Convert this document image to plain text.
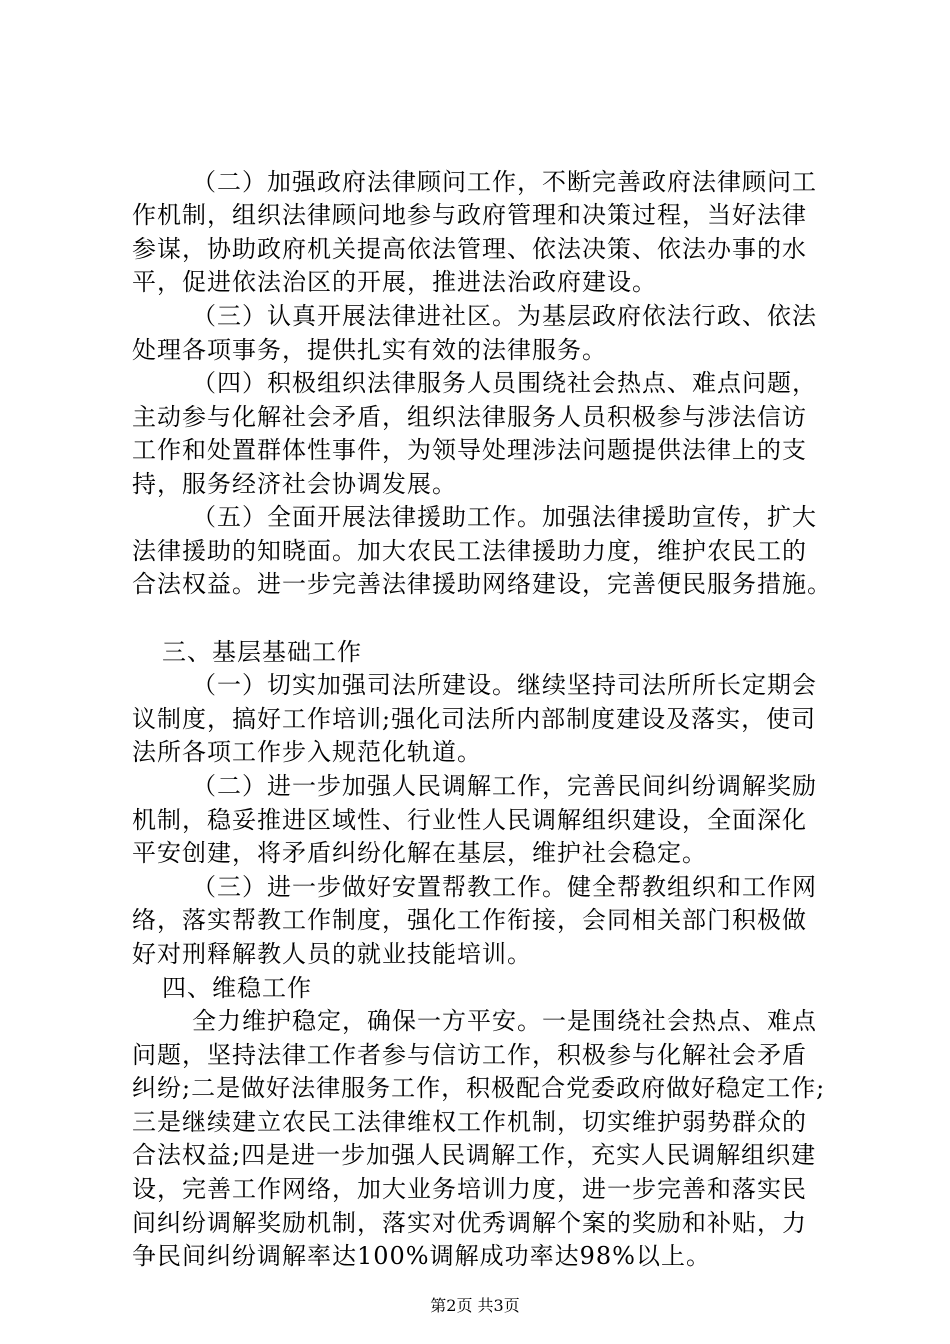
（二）加强政府法律顾问工作，不断完善政府法律顾问工
作机制，组织法律顾问地参与政府管理和决策过程，当好法律
参谋，协助政府机关提高依法管理、依法决策、依法办事的水
平，促进依法治区的开展，推进法治政府建设。
（三）认真开展法律进社区。为基层政府依法行政、依法
处理各项事务，提供扎实有效的法律服务。
（四）积极组织法律服务人员围绕社会热点、难点问题，
主动参与化解社会矛盾，组织法律服务人员积极参与涉法信访
工作和处置群体性事件，为领导处理涉法问题提供法律上的支
持，服务经济社会协调发展。
（五）全面开展法律援助工作。加强法律援助宣传，扩大
法律援助的知晓面。加大农民工法律援助力度，维护农民工的
合法权益。进一步完善法律援助网络建设，完善便民服务措施。
三、基层基础工作
（一）切实加强司法所建设。继续坚持司法所所长定期会
议制度，搞好工作培训;强化司法所内部制度建设及落实，使司
法所各项工作步入规范化轨道。
（二）进一步加强人民调解工作，完善民间纠纷调解奖励
机制，稳妥推进区域性、行业性人民调解组织建设，全面深化
平安创建，将矛盾纠纷化解在基层，维护社会稳定。
（三）进一步做好安置帮教工作。健全帮教组织和工作网
络，落实帮教工作制度，强化工作衔接，会同相关部门积极做
好对刑释解教人员的就业技能培训。
四、维稳工作
全力维护稳定，确保一方平安。一是围绕社会热点、难点
问题，坚持法律工作者参与信访工作，积极参与化解社会矛盾
纠纷;二是做好法律服务工作，积极配合党委政府做好稳定工作;
三是继续建立农民工法律维权工作机制，切实维护弱势群众的
合法权益;四是进一步加强人民调解工作，充实人民调解组织建
设，完善工作网络，加大业务培训力度，进一步完善和落实民
间纠纷调解奖励机制，落实对优秀调解个案的奖励和补贴，力
争民间纠纷调解率达100%调解成功率达98%以上。
第2页 共3页
